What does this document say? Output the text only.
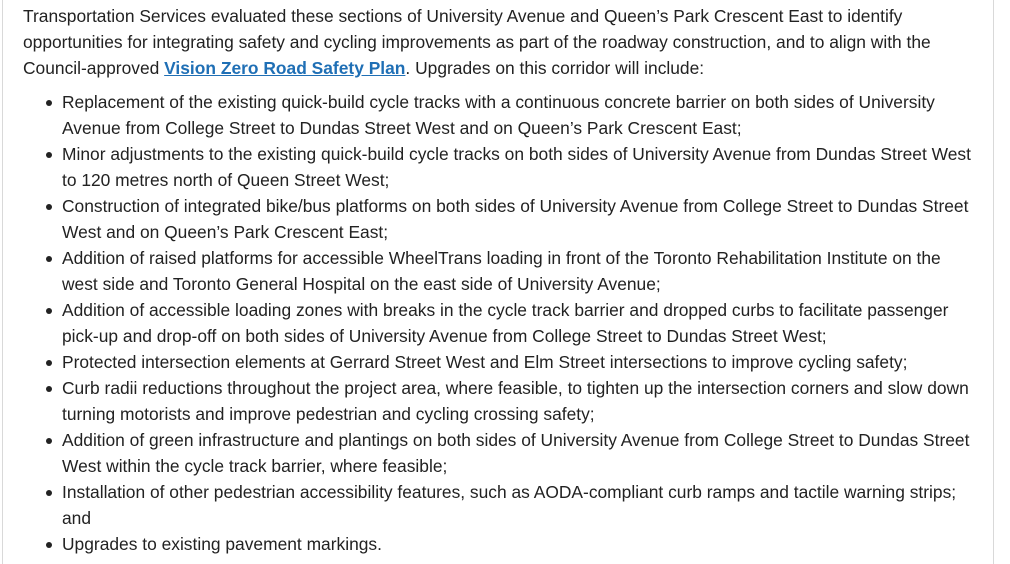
Transportation Services evaluated these sections of University Avenue and Queen’s Park Crescent East to identify opportunities for integrating safety and cycling improvements as part of the roadway construction, and to align with the Council-approved Vision Zero Road Safety Plan. Upgrades on this corridor will include:

Replacement of the existing quick-build cycle tracks with a continuous concrete barrier on both sides of University Avenue from College Street to Dundas Street West and on Queen’s Park Crescent East;
Minor adjustments to the existing quick-build cycle tracks on both sides of University Avenue from Dundas Street West to 120 metres north of Queen Street West;
Construction of integrated bike/bus platforms on both sides of University Avenue from College Street to Dundas Street West and on Queen’s Park Crescent East;
Addition of raised platforms for accessible WheelTrans loading in front of the Toronto Rehabilitation Institute on the west side and Toronto General Hospital on the east side of University Avenue;
Addition of accessible loading zones with breaks in the cycle track barrier and dropped curbs to facilitate passenger pick-up and drop-off on both sides of University Avenue from College Street to Dundas Street West;
Protected intersection elements at Gerrard Street West and Elm Street intersections to improve cycling safety;
Curb radii reductions throughout the project area, where feasible, to tighten up the intersection corners and slow down turning motorists and improve pedestrian and cycling crossing safety;
Addition of green infrastructure and plantings on both sides of University Avenue from College Street to Dundas Street West within the cycle track barrier, where feasible;
Installation of other pedestrian accessibility features, such as AODA-compliant curb ramps and tactile warning strips; and
Upgrades to existing pavement markings.
